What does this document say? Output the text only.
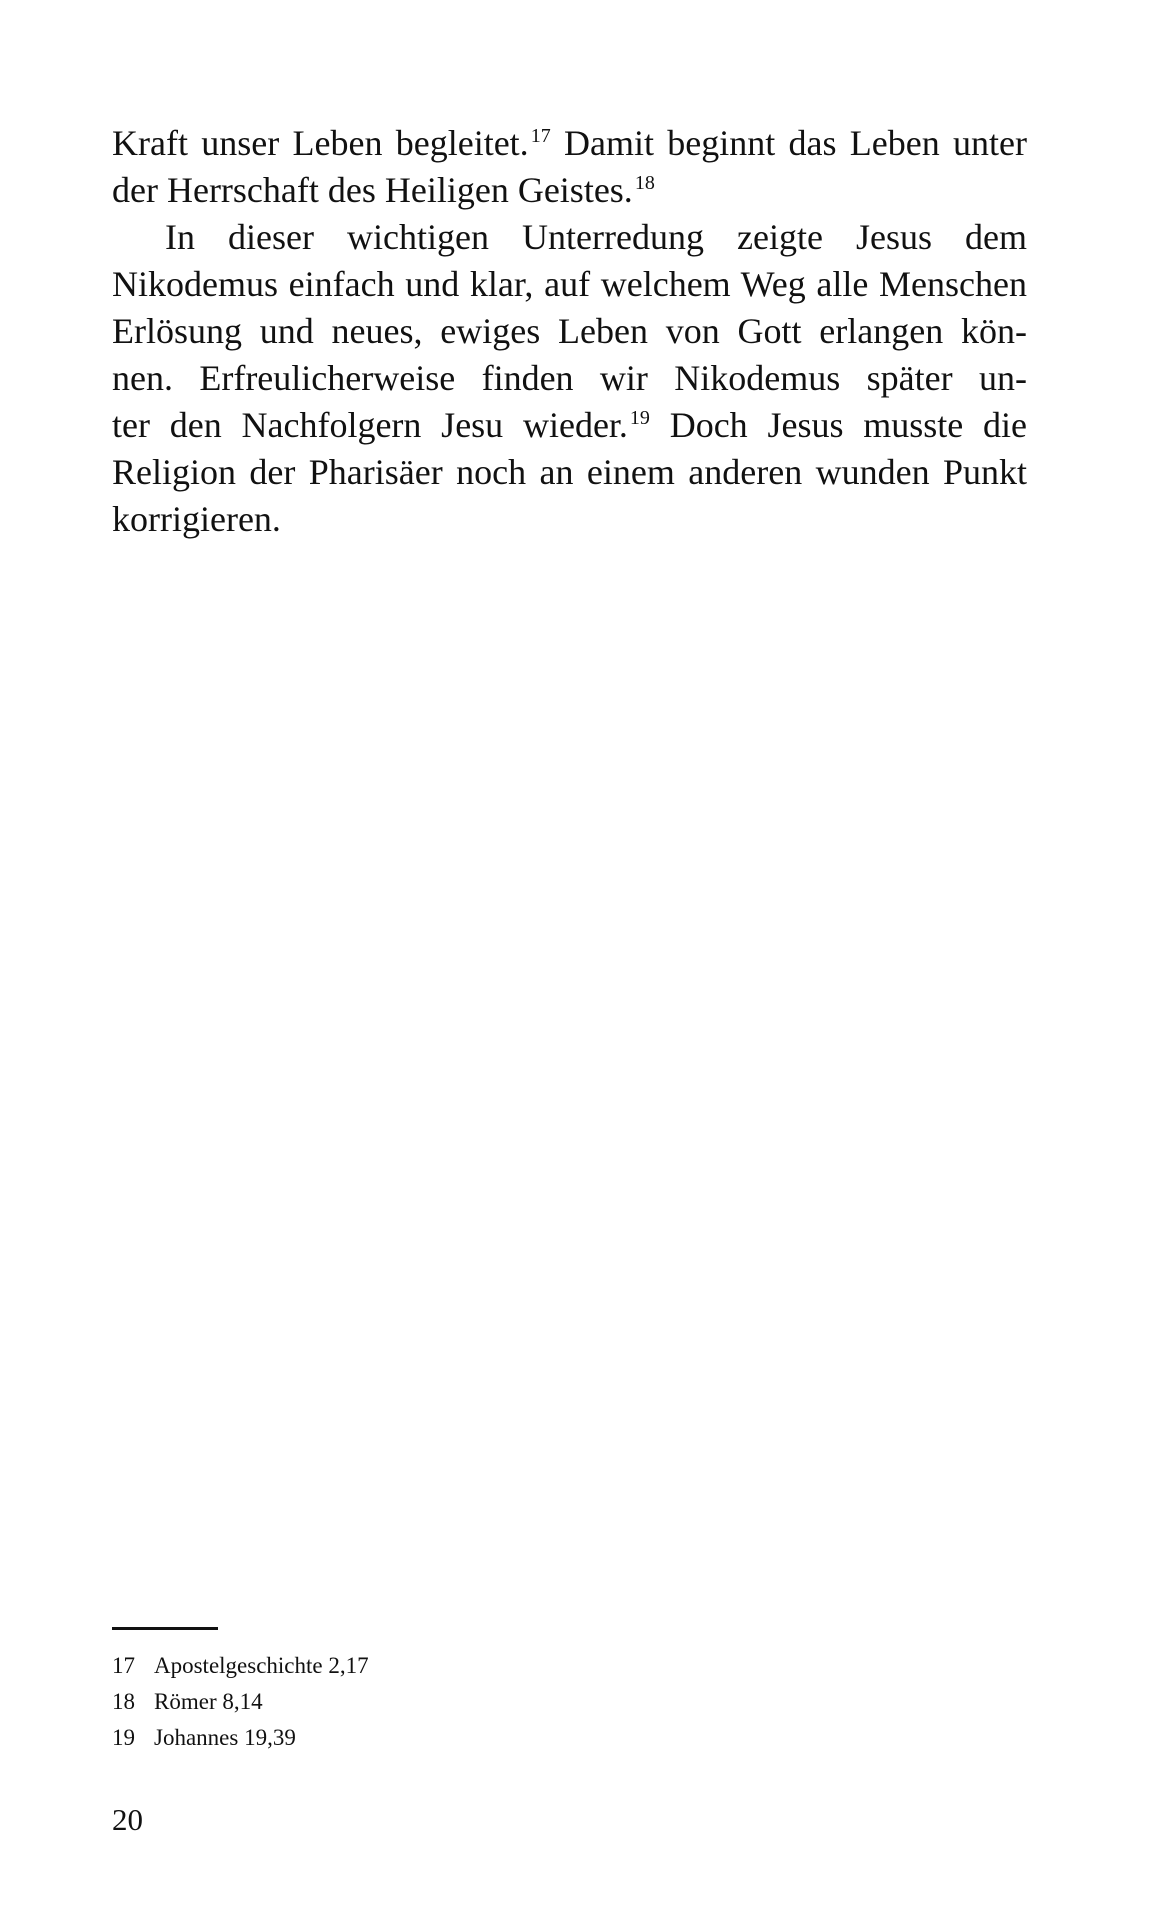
Kraft unser Leben begleitet. $^{17}$ Damit beginnt das Leben unter
der Herrschaft des Heiligen Geistes. $^{18}$
In dieser wichtigen Unterredung zeigte Jesus dem
Nikodemus einfach und klar, auf welchem Weg alle Menschen
Erlösung und neues, ewiges Leben von Gott erlangen kön-
nen. Erfreulicherweise finden wir Nikodemus später un-
ter den Nachfolgern Jesu wieder. $^{19}$ Doch Jesus musste die
Religion der Pharisäer noch an einem anderen wunden Punkt
korrigieren.
17 Apostelgeschichte 2,17
18 Römer 8,14
19 Johannes 19,39
20
